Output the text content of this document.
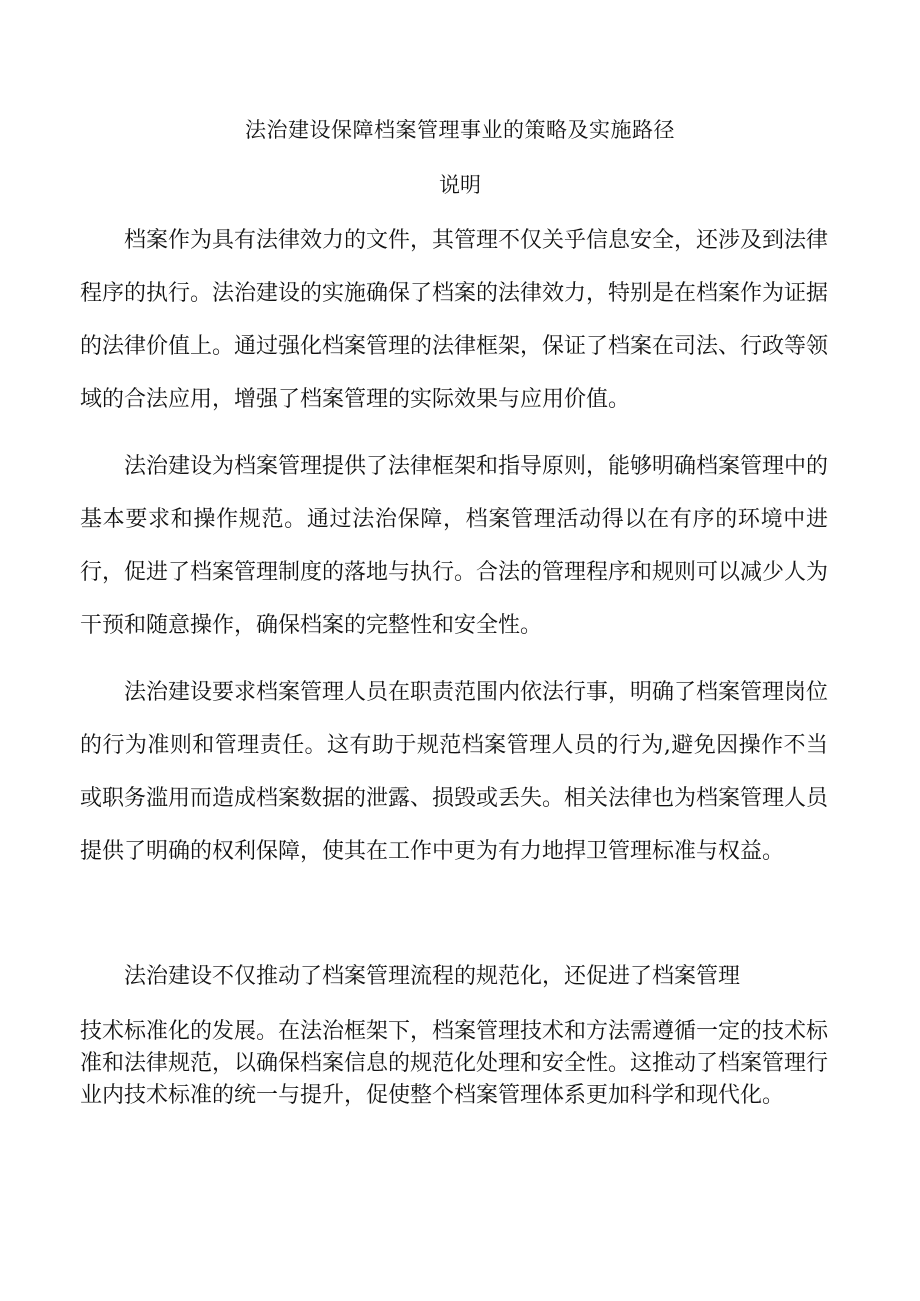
法治建设保障档案管理事业的策略及实施路径
说明

档案作为具有法律效力的文件，其管理不仅关乎信息安全，还涉及到法律程序的执行。法治建设的实施确保了档案的法律效力，特别是在档案作为证据的法律价值上。通过强化档案管理的法律框架，保证了档案在司法、行政等领域的合法应用，增强了档案管理的实际效果与应用价值。

法治建设为档案管理提供了法律框架和指导原则，能够明确档案管理中的基本要求和操作规范。通过法治保障，档案管理活动得以在有序的环境中进行，促进了档案管理制度的落地与执行。合法的管理程序和规则可以减少人为干预和随意操作，确保档案的完整性和安全性。

法治建设要求档案管理人员在职责范围内依法行事，明确了档案管理岗位的行为准则和管理责任。这有助于规范档案管理人员的行为,避免因操作不当或职务滥用而造成档案数据的泄露、损毁或丢失。相关法律也为档案管理人员提供了明确的权利保障，使其在工作中更为有力地捍卫管理标准与权益。

法治建设不仅推动了档案管理流程的规范化，还促进了档案管理

技术标准化的发展。在法治框架下，档案管理技术和方法需遵循一定的技术标准和法律规范，以确保档案信息的规范化处理和安全性。这推动了档案管理行业内技术标准的统一与提升，促使整个档案管理体系更加科学和现代化。
